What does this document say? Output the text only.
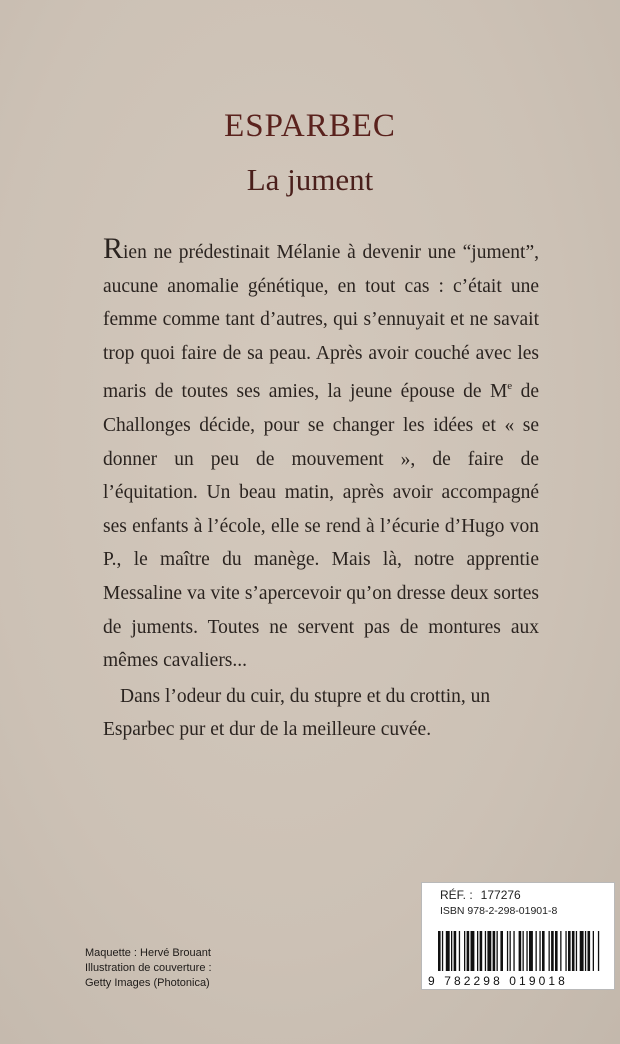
ESPARBEC
La jument

Rien ne prédestinait Mélanie à devenir une “jument”, aucune anomalie génétique, en tout cas : c’était une femme comme tant d’autres, qui s’ennuyait et ne savait trop quoi faire de sa peau. Après avoir couché avec les maris de toutes ses amies, la jeune épouse de Me de Challonges décide, pour se changer les idées et « se donner un peu de mouvement », de faire de l’équitation. Un beau matin, après avoir accompagné ses enfants à l’école, elle se rend à l’écurie d’Hugo von P., le maître du manège. Mais là, notre apprentie Messaline va vite s’apercevoir qu’on dresse deux sortes de juments. Toutes ne servent pas de montures aux mêmes cavaliers...

Dans l’odeur du cuir, du stupre et du crottin, un Esparbec pur et dur de la meilleure cuvée.

Maquette : Hervé Brouant
Illustration de couverture :
Getty Images (Photonica)
RÉF. : 177276
ISBN 978-2-298-01901-8
9 782298 019018
